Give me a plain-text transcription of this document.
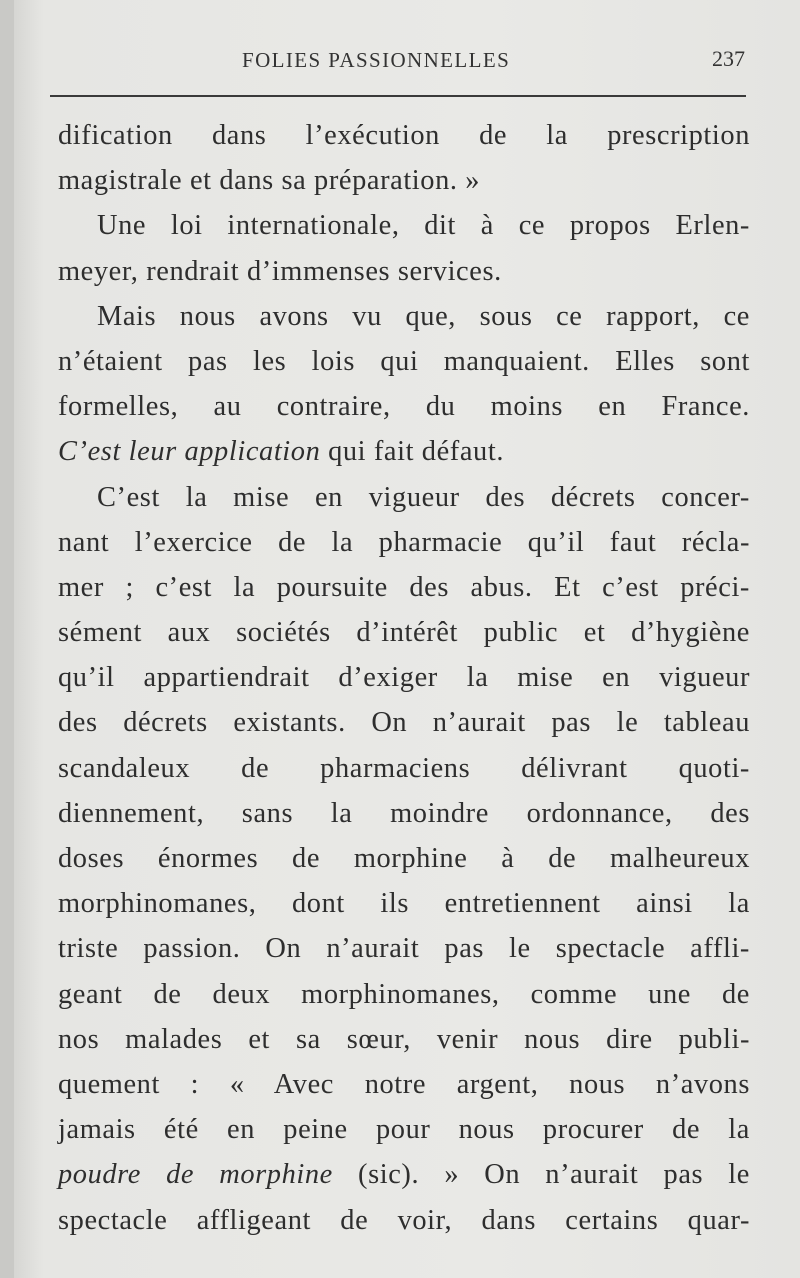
FOLIES PASSIONNELLES	237
dification dans l’exécution de la prescription
magistrale et dans sa préparation. »
Une loi internationale, dit à ce propos Erlen-
meyer, rendrait d’immenses services.
Mais nous avons vu que, sous ce rapport, ce
n’étaient pas les lois qui manquaient. Elles sont
formelles, au contraire, du moins en France.
C’est leur application qui fait défaut.
C’est la mise en vigueur des décrets concer-
nant l’exercice de la pharmacie qu’il faut récla-
mer ; c’est la poursuite des abus. Et c’est préci-
sément aux sociétés d’intérêt public et d’hygiène
qu’il appartiendrait d’exiger la mise en vigueur
des décrets existants. On n’aurait pas le tableau
scandaleux de pharmaciens délivrant quoti-
diennement, sans la moindre ordonnance, des
doses énormes de morphine à de malheureux
morphinomanes, dont ils entretiennent ainsi la
triste passion. On n’aurait pas le spectacle affli-
geant de deux morphinomanes, comme une de
nos malades et sa sœur, venir nous dire publi-
quement : « Avec notre argent, nous n’avons
jamais été en peine pour nous procurer de la
poudre de morphine (sic). » On n’aurait pas le
spectacle affligeant de voir, dans certains quar-
